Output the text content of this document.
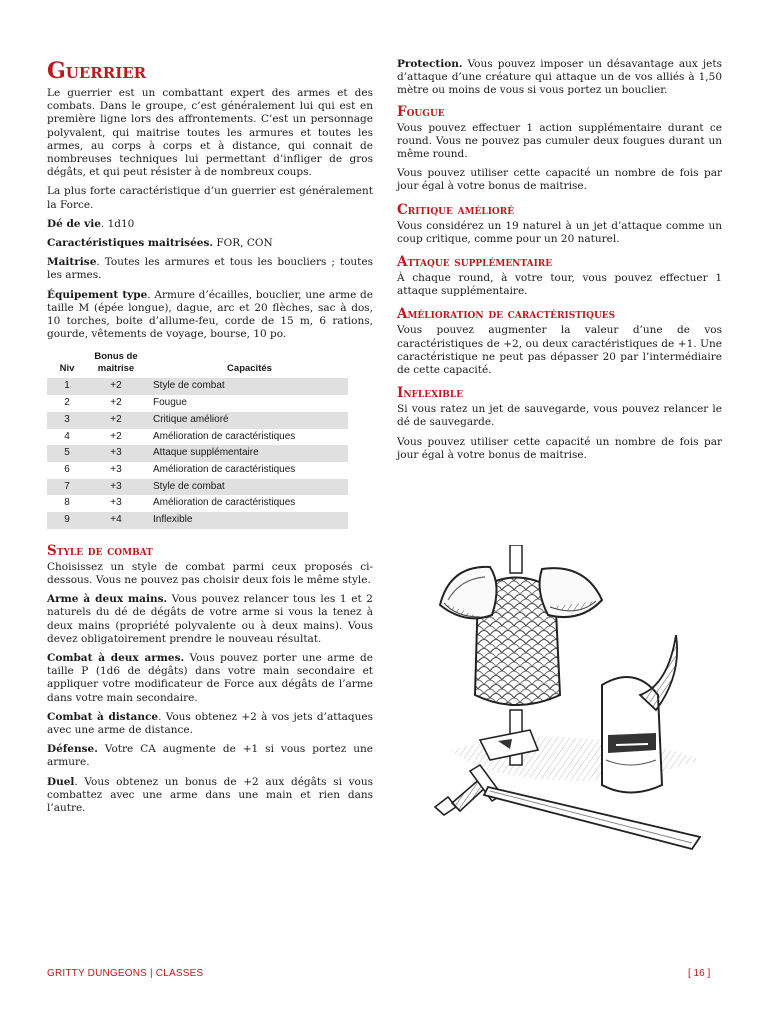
Guerrier

Le guerrier est un combattant expert des armes et des combats. Dans le groupe, c’est généralement lui qui est en première ligne lors des affrontements. C’est un personnage polyvalent, qui maitrise toutes les armures et toutes les armes, au corps à corps et à distance, qui connait de nombreuses techniques lui permettant d’infliger de gros dégâts, et qui peut résister à de nombreux coups.

La plus forte caractéristique d’un guerrier est généralement la Force.

Dé de vie. 1d10

Caractéristiques maitrisées. FOR, CON

Maitrise. Toutes les armures et tous les boucliers ; toutes les armes.

Équipement type. Armure d’écailles, bouclier, une arme de taille M (épée longue), dague, arc et 20 flèches, sac à dos, 10 torches, boite d’allume-feu, corde de 15 m, 6 rations, gourde, vêtements de voyage, bourse, 10 po.

Niv	Bonus de maitrise	Capacités
1	+2	Style de combat
2	+2	Fougue
3	+2	Critique amélioré
4	+2	Amélioration de caractéristiques
5	+3	Attaque supplémentaire
6	+3	Amélioration de caractéristiques
7	+3	Style de combat
8	+3	Amélioration de caractéristiques
9	+4	Inflexible
Style de combat

Choisissez un style de combat parmi ceux proposés ci-dessous. Vous ne pouvez pas choisir deux fois le même style.

Arme à deux mains. Vous pouvez relancer tous les 1 et 2 naturels du dé de dégâts de votre arme si vous la tenez à deux mains (propriété polyvalente ou à deux mains). Vous devez obligatoirement prendre le nouveau résultat.

Combat à deux armes. Vous pouvez porter une arme de taille P (1d6 de dégâts) dans votre main secondaire et appliquer votre modificateur de Force aux dégâts de l’arme dans votre main secondaire.

Combat à distance. Vous obtenez +2 à vos jets d’attaques avec une arme de distance.

Défense. Votre CA augmente de +1 si vous portez une armure.

Duel. Vous obtenez un bonus de +2 aux dégâts si vous combattez avec une arme dans une main et rien dans l’autre.

Protection. Vous pouvez imposer un désavantage aux jets d’attaque d’une créature qui attaque un de vos alliés à 1,50 mètre ou moins de vous si vous portez un bouclier.

Fougue

Vous pouvez effectuer 1 action supplémentaire durant ce round. Vous ne pouvez pas cumuler deux fougues durant un même round.

Vous pouvez utiliser cette capacité un nombre de fois par jour égal à votre bonus de maitrise.

Critique amélioré

Vous considérez un 19 naturel à un jet d’attaque comme un coup critique, comme pour un 20 naturel.

Attaque supplémentaire

À chaque round, à votre tour, vous pouvez effectuer 1 attaque supplémentaire.

Amélioration de caractéristiques

Vous pouvez augmenter la valeur d’une de vos caractéristiques de +2, ou deux caractéristiques de +1. Une caractéristique ne peut pas dépasser 20 par l’intermédiaire de cette capacité.

Inflexible

Si vous ratez un jet de sauvegarde, vous pouvez relancer le dé de sauvegarde.

Vous pouvez utiliser cette capacité un nombre de fois par jour égal à votre bonus de maitrise.

GRITTY DUNGEONS | CLASSES	[ 16 ]
